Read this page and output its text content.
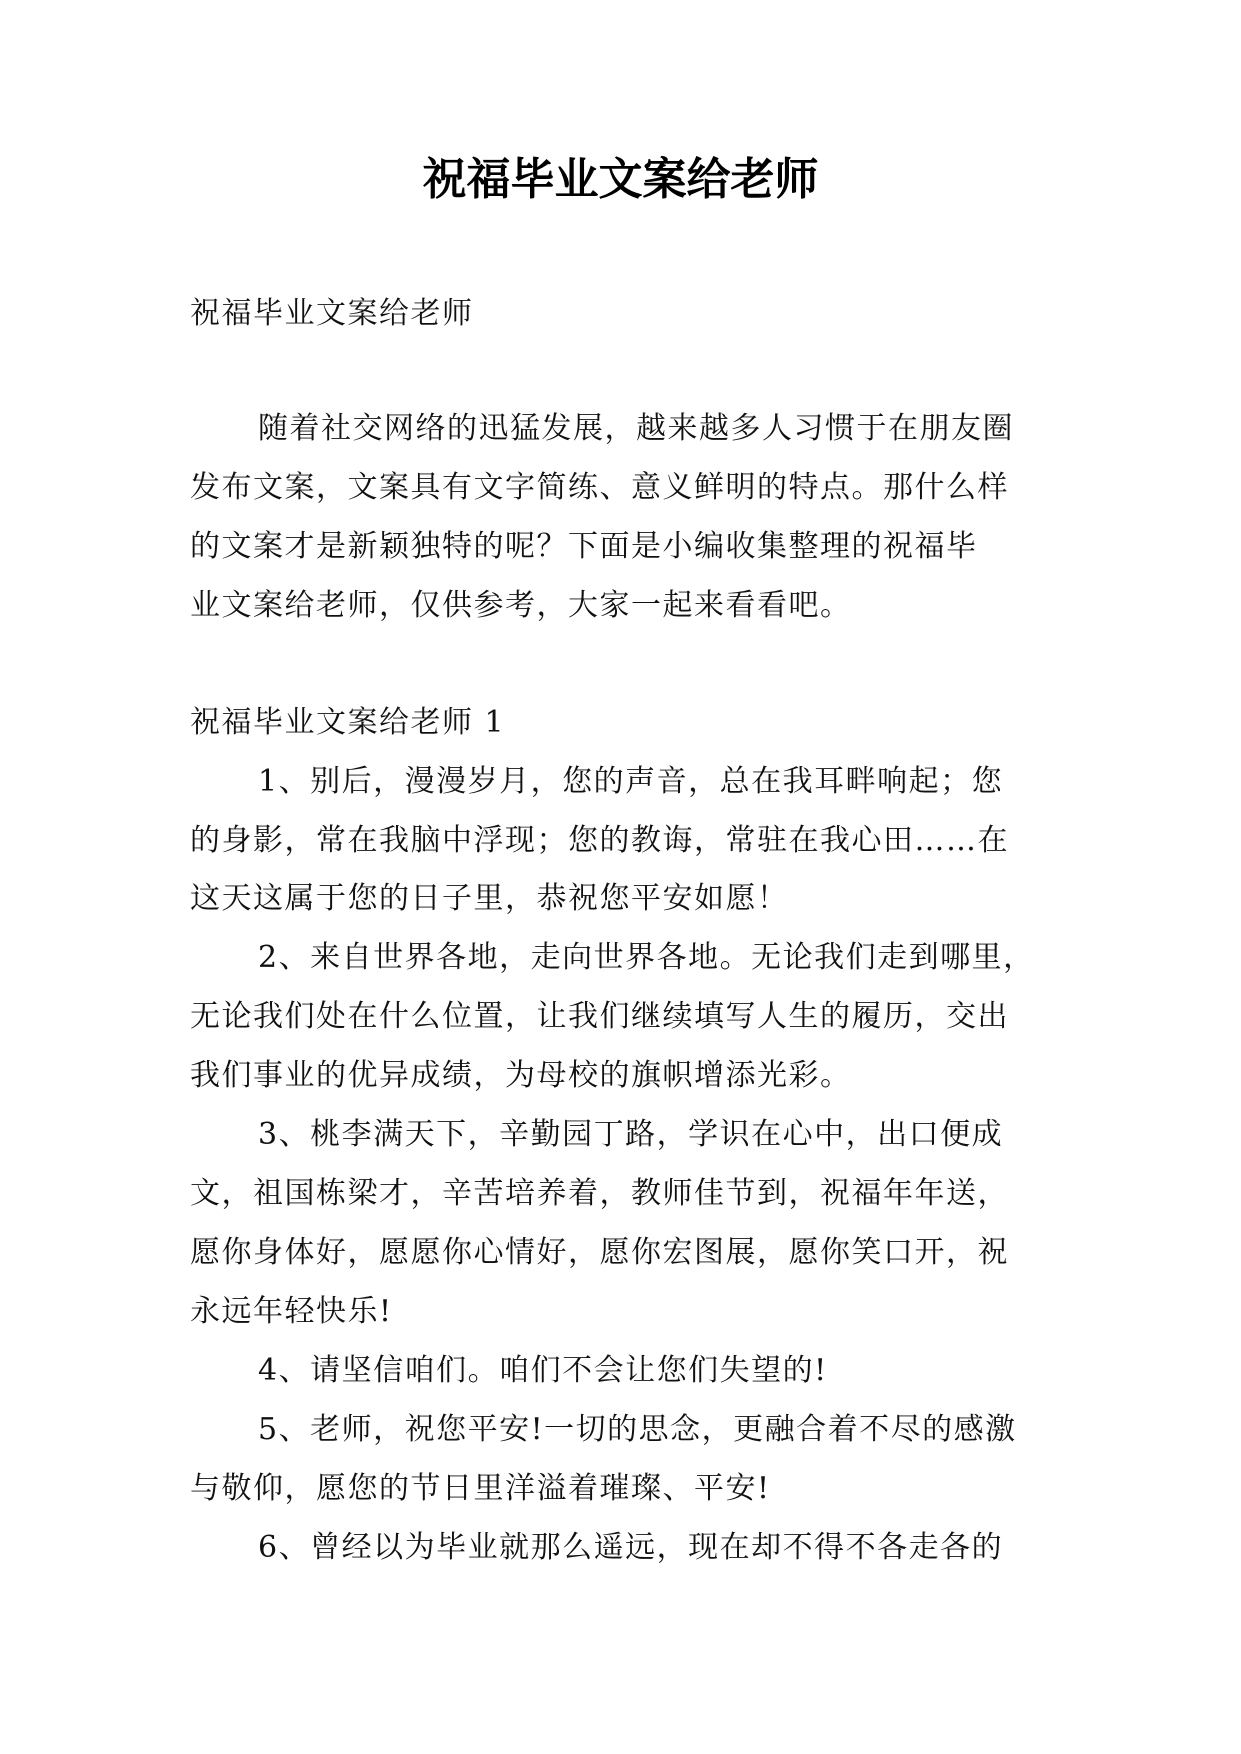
祝福毕业文案给老师
祝福毕业文案给老师
随着社交网络的迅猛发展，越来越多人习惯于在朋友圈
发布文案，文案具有文字简练、意义鲜明的特点。那什么样
的文案才是新颖独特的呢？下面是小编收集整理的祝福毕
业文案给老师，仅供参考，大家一起来看看吧。
祝福毕业文案给老师 1
1、别后，漫漫岁月，您的声音，总在我耳畔响起；您
的身影，常在我脑中浮现；您的教诲，常驻在我心田……在
这天这属于您的日子里，恭祝您平安如愿！
2、来自世界各地，走向世界各地。无论我们走到哪里，
无论我们处在什么位置，让我们继续填写人生的履历，交出
我们事业的优异成绩，为母校的旗帜增添光彩。
3、桃李满天下，辛勤园丁路，学识在心中，出口便成
文，祖国栋梁才，辛苦培养着，教师佳节到，祝福年年送，
愿你身体好，愿愿你心情好，愿你宏图展，愿你笑口开，祝
永远年轻快乐!
4、请坚信咱们。咱们不会让您们失望的!
5、老师，祝您平安!一切的思念，更融合着不尽的感激
与敬仰，愿您的节日里洋溢着璀璨、平安!
6、曾经以为毕业就那么遥远，现在却不得不各走各的
